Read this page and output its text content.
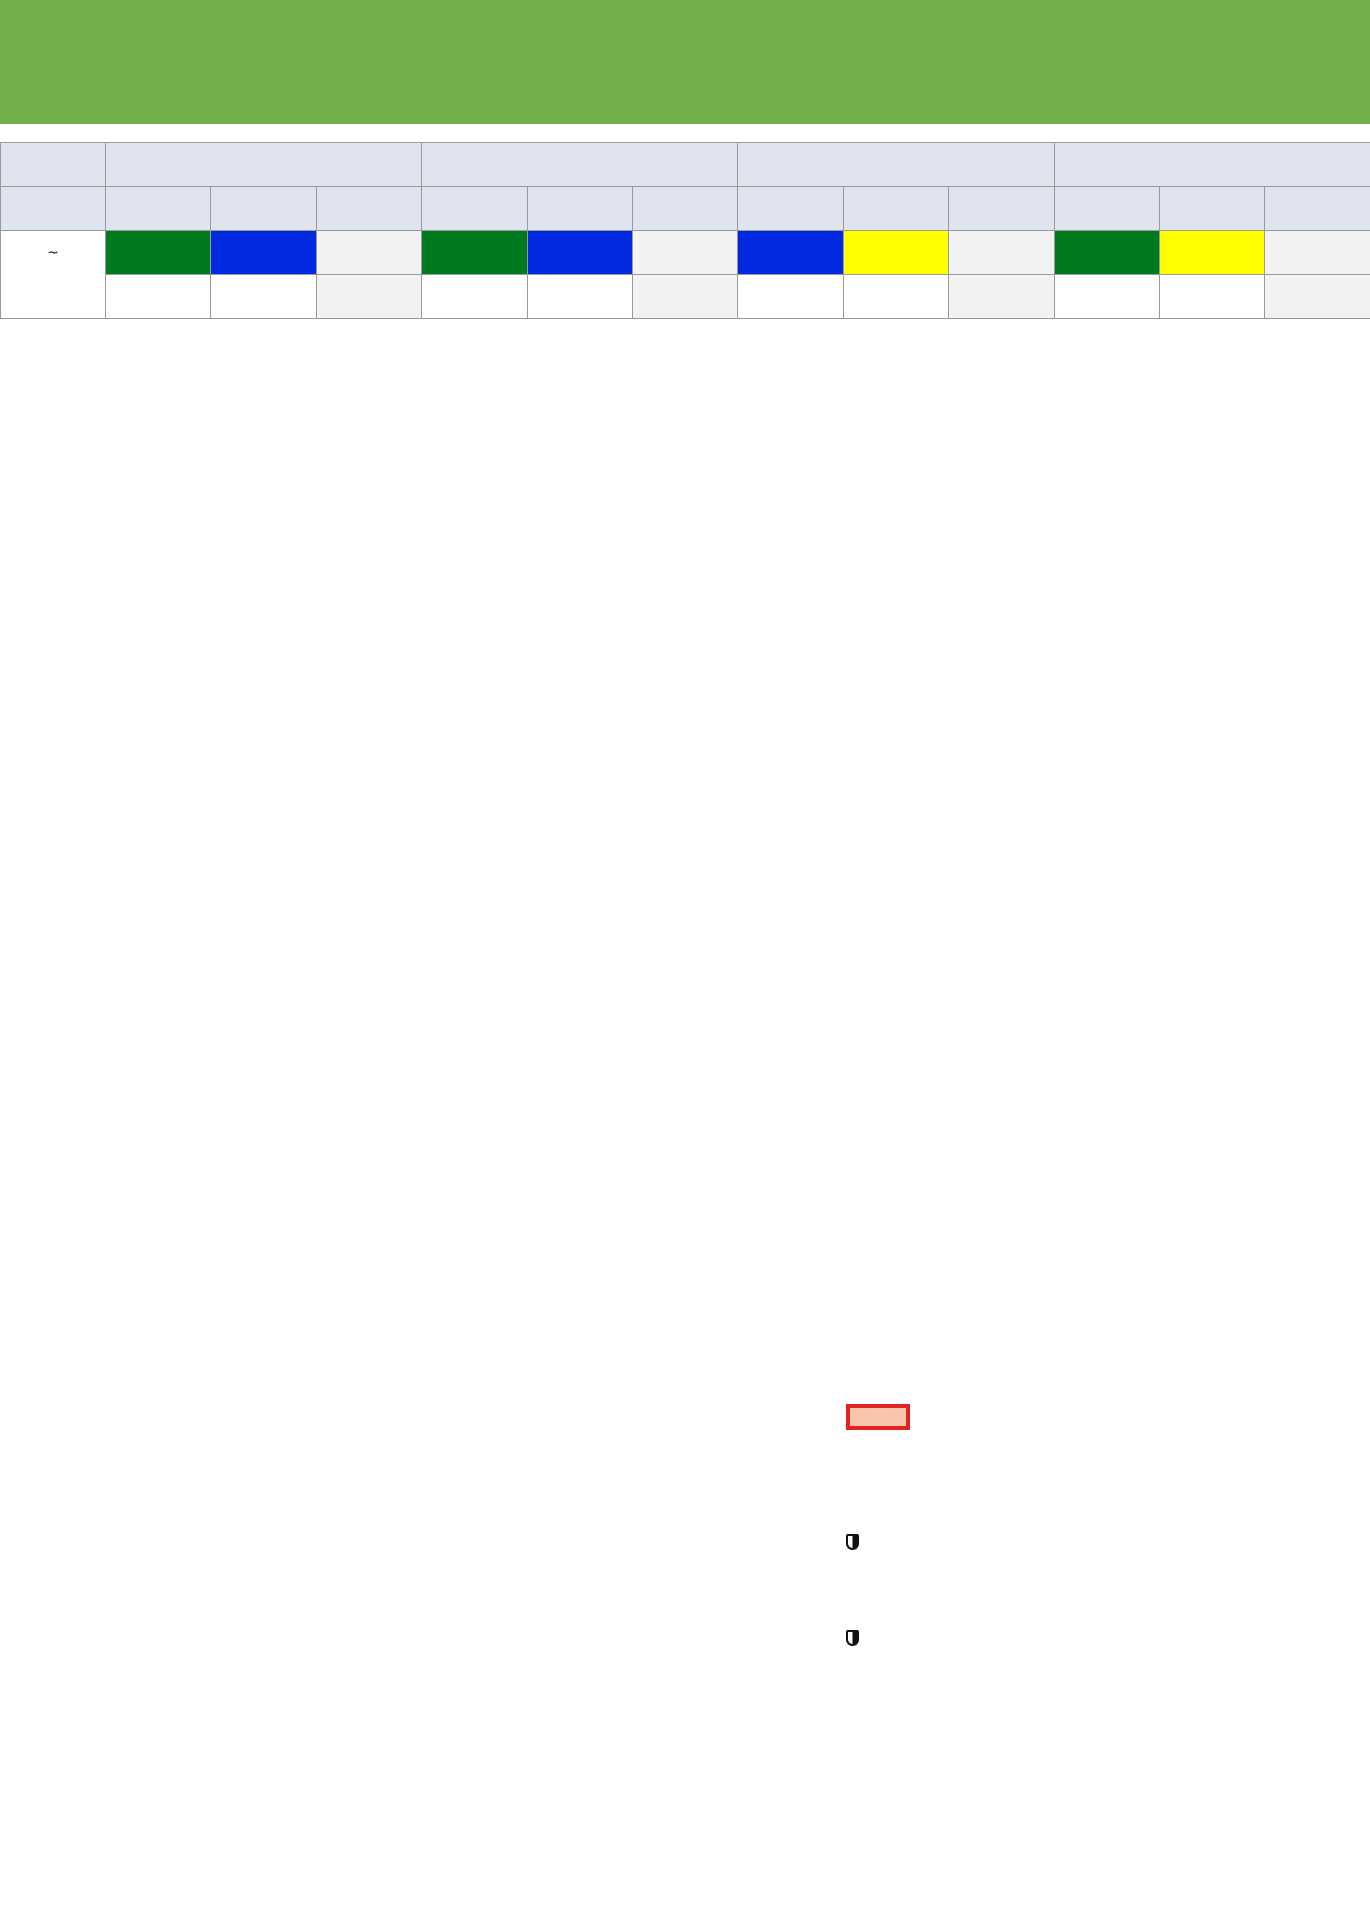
~												
